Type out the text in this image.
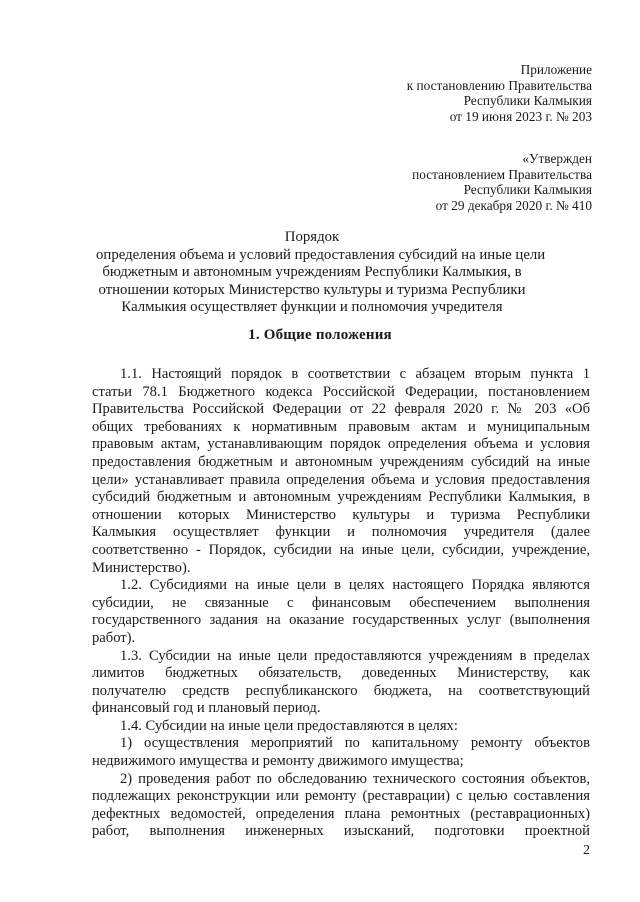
Приложение
к постановлению Правительства
Республики Калмыкия
от 19 июня 2023 г. № 203
«Утвержден
постановлением Правительства
Республики Калмыкия
от 29 декабря 2020 г. № 410
Порядок
определения объема и условий предоставления субсидий на иные цели
бюджетным и автономным учреждениям Республики Калмыкия, в
отношении которых Министерство культуры и туризма Республики
Калмыкия осуществляет функции и полномочия учредителя
1. Общие положения
1.1. Настоящий порядок в соответствии с абзацем вторым пункта 1
статьи 78.1 Бюджетного кодекса Российской Федерации, постановлением
Правительства Российской Федерации от 22 февраля 2020 г. № 203 «Об
общих требованиях к нормативным правовым актам и муниципальным
правовым актам, устанавливающим порядок определения объема и условия
предоставления бюджетным и автономным учреждениям субсидий на иные
цели» устанавливает правила определения объема и условия предоставления
субсидий бюджетным и автономным учреждениям Республики Калмыкия, в
отношении которых Министерство культуры и туризма Республики
Калмыкия осуществляет функции и полномочия учредителя (далее
соответственно - Порядок, субсидии на иные цели, субсидии, учреждение,
Министерство).
1.2. Субсидиями на иные цели в целях настоящего Порядка являются
субсидии, не связанные с финансовым обеспечением выполнения
государственного задания на оказание государственных услуг (выполнения
работ).
1.3. Субсидии на иные цели предоставляются учреждениям в пределах
лимитов бюджетных обязательств, доведенных Министерству, как
получателю средств республиканского бюджета, на соответствующий
финансовый год и плановый период.
1.4. Субсидии на иные цели предоставляются в целях:
1) осуществления мероприятий по капитальному ремонту объектов
недвижимого имущества и ремонту движимого имущества;
2) проведения работ по обследованию технического состояния объектов,
подлежащих реконструкции или ремонту (реставрации) с целью составления
дефектных ведомостей, определения плана ремонтных (реставрационных)
работ, выполнения инженерных изысканий, подготовки проектной
2
